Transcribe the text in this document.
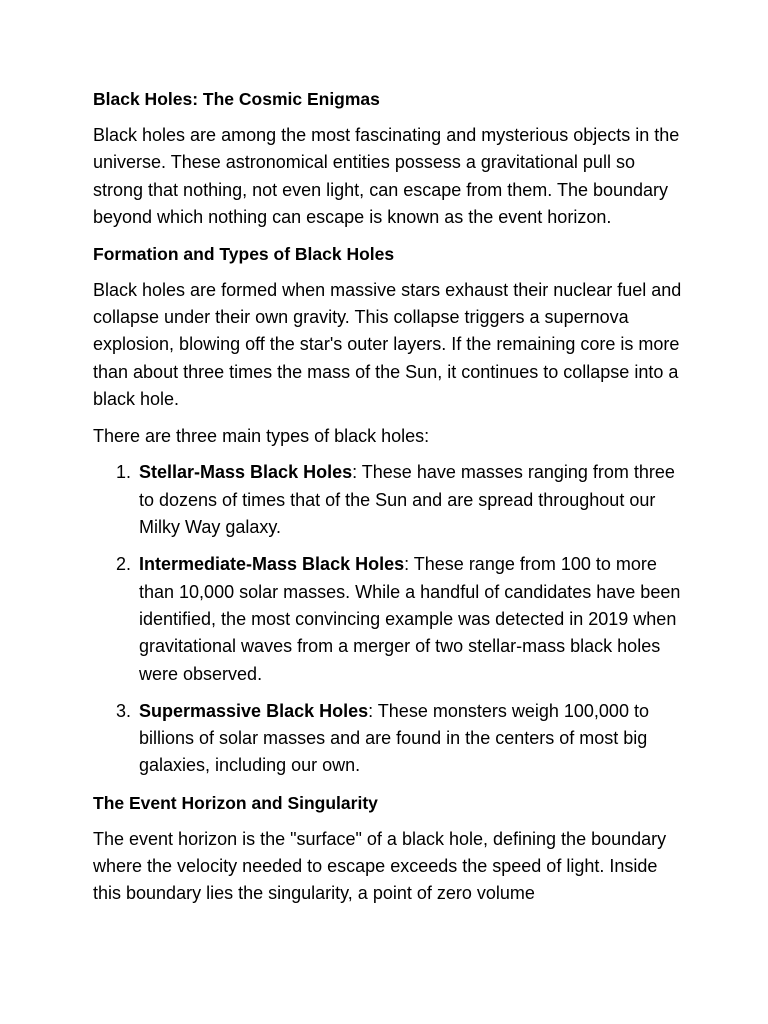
Black Holes: The Cosmic Enigmas
Black holes are among the most fascinating and mysterious objects in the universe. These astronomical entities possess a gravitational pull so strong that nothing, not even light, can escape from them. The boundary beyond which nothing can escape is known as the event horizon.
Formation and Types of Black Holes
Black holes are formed when massive stars exhaust their nuclear fuel and collapse under their own gravity. This collapse triggers a supernova explosion, blowing off the star's outer layers. If the remaining core is more than about three times the mass of the Sun, it continues to collapse into a black hole.
There are three main types of black holes:
1. Stellar-Mass Black Holes: These have masses ranging from three to dozens of times that of the Sun and are spread throughout our Milky Way galaxy.
2. Intermediate-Mass Black Holes: These range from 100 to more than 10,000 solar masses. While a handful of candidates have been identified, the most convincing example was detected in 2019 when gravitational waves from a merger of two stellar-mass black holes were observed.
3. Supermassive Black Holes: These monsters weigh 100,000 to billions of solar masses and are found in the centers of most big galaxies, including our own.
The Event Horizon and Singularity
The event horizon is the "surface" of a black hole, defining the boundary where the velocity needed to escape exceeds the speed of light. Inside this boundary lies the singularity, a point of zero volume
